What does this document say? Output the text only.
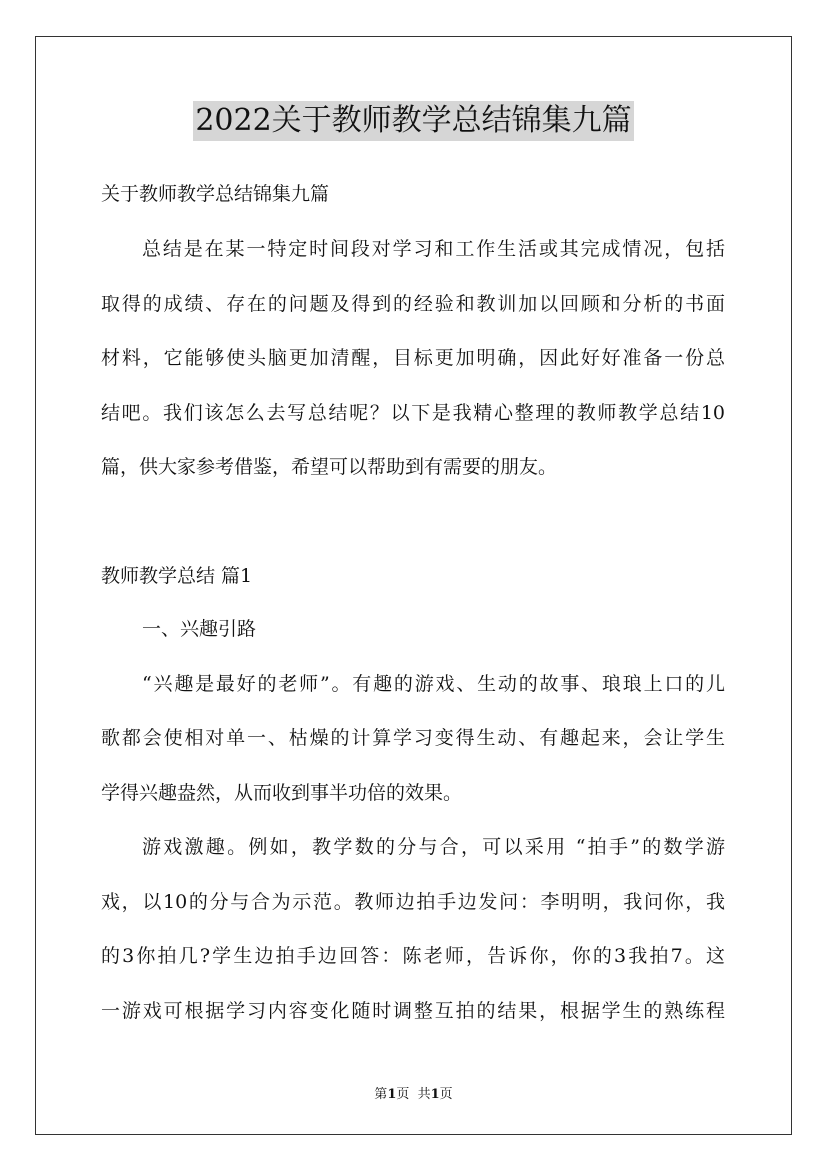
2022关于教师教学总结锦集九篇
关于教师教学总结锦集九篇
总结是在某一特定时间段对学习和工作生活或其完成情况，包括
取得的成绩、存在的问题及得到的经验和教训加以回顾和分析的书面
材料，它能够使头脑更加清醒，目标更加明确，因此好好准备一份总
结吧。我们该怎么去写总结呢？以下是我精心整理的教师教学总结10
篇，供大家参考借鉴，希望可以帮助到有需要的朋友。
教师教学总结 篇1
一、兴趣引路
“兴趣是最好的老师”。有趣的游戏、生动的故事、琅琅上口的儿
歌都会使相对单一、枯燥的计算学习变得生动、有趣起来，会让学生
学得兴趣盎然，从而收到事半功倍的效果。
游戏激趣。例如，教学数的分与合，可以采用 “拍手”的数学游
戏，以10的分与合为示范。教师边拍手边发问：李明明，我问你，我
的3你拍几?学生边拍手边回答：陈老师，告诉你，你的3我拍7。这
一游戏可根据学习内容变化随时调整互拍的结果，根据学生的熟练程
第1页  共1页
